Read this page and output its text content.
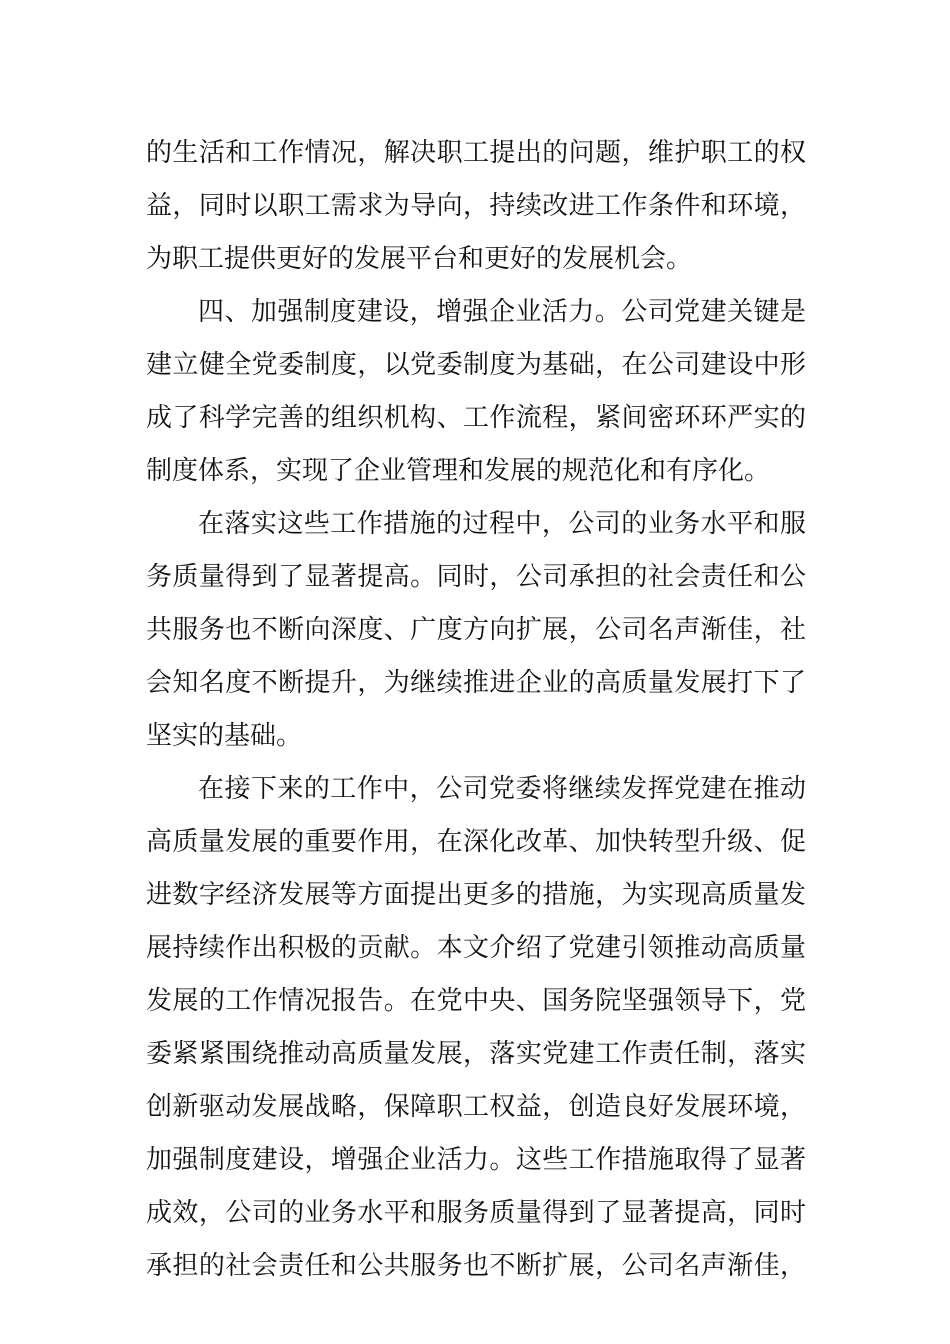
的生活和工作情况，解决职工提出的问题，维护职工的权
益，同时以职工需求为导向，持续改进工作条件和环境，
为职工提供更好的发展平台和更好的发展机会。
四、加强制度建设，增强企业活力。公司党建关键是
建立健全党委制度，以党委制度为基础，在公司建设中形
成了科学完善的组织机构、工作流程，紧间密环环严实的
制度体系，实现了企业管理和发展的规范化和有序化。
在落实这些工作措施的过程中，公司的业务水平和服
务质量得到了显著提高。同时，公司承担的社会责任和公
共服务也不断向深度、广度方向扩展，公司名声渐佳，社
会知名度不断提升，为继续推进企业的高质量发展打下了
坚实的基础。
在接下来的工作中，公司党委将继续发挥党建在推动
高质量发展的重要作用，在深化改革、加快转型升级、促
进数字经济发展等方面提出更多的措施，为实现高质量发
展持续作出积极的贡献。本文介绍了党建引领推动高质量
发展的工作情况报告。在党中央、国务院坚强领导下，党
委紧紧围绕推动高质量发展，落实党建工作责任制，落实
创新驱动发展战略，保障职工权益，创造良好发展环境，
加强制度建设，增强企业活力。这些工作措施取得了显著
成效，公司的业务水平和服务质量得到了显著提高，同时
承担的社会责任和公共服务也不断扩展，公司名声渐佳，
